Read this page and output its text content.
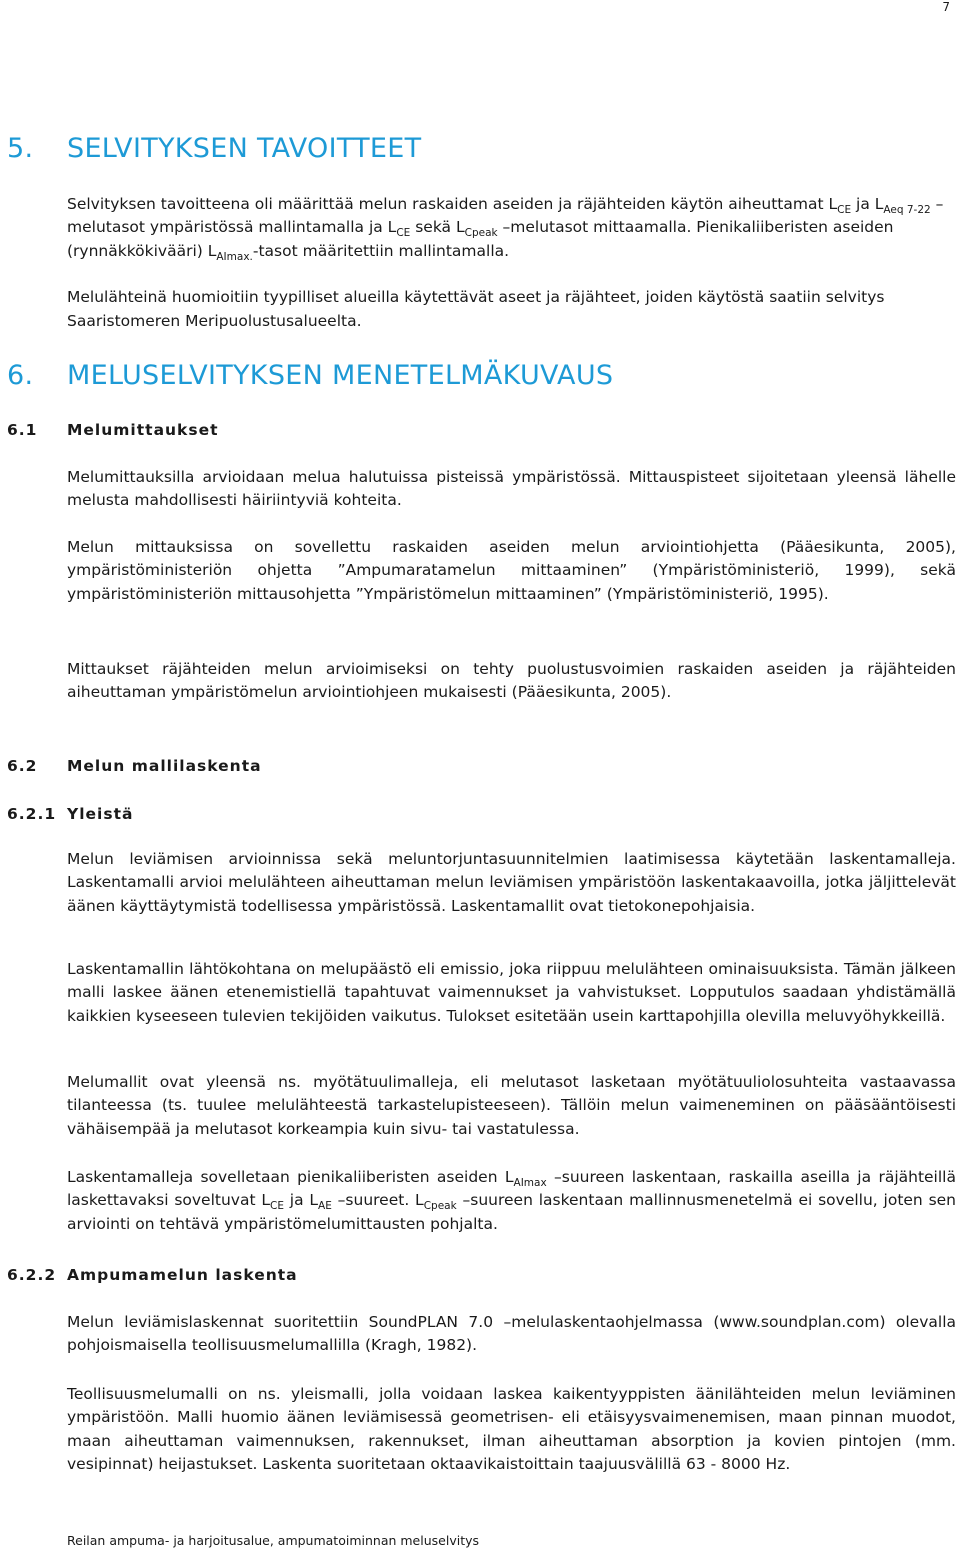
7
5. SELVITYKSEN TAVOITTEET

Selvityksen tavoitteena oli määrittää melun raskaiden aseiden ja räjähteiden käytön aiheuttamat $L_{CE}$ ja $L_{Aeq 7-22}$ –melutasot ympäristössä mallintamalla ja $L_{CE}$ sekä $L_{Cpeak}$ –melutasot mittaamalla. Pienikaliiberisten aseiden (rynnäkkökivääri) $L_{AImax.}$-tasot määritettiin mallintamalla.

Melulähteinä huomioitiin tyypilliset alueilla käytettävät aseet ja räjähteet, joiden käytöstä saatiin selvitys Saaristomeren Meripuolustusalueelta.

6. MELUSELVITYKSEN MENETELMÄKUVAUS
6.1 Melumittaukset
Melumittauksilla arvioidaan melua halutuissa pisteissä ympäristössä. Mittauspisteet sijoitetaan yleensä lähelle melusta mahdollisesti häiriintyviä kohteita.
Melun mittauksissa on sovellettu raskaiden aseiden melun arviointiohjetta (Pääesikunta, 2005), ympäristöministeriön ohjetta ”Ampumaratamelun mittaaminen” (Ympäristöministeriö, 1999), sekä ympäristöministeriön mittausohjetta ”Ympäristömelun mittaaminen” (Ympäristöministeriö, 1995).
Mittaukset räjähteiden melun arvioimiseksi on tehty puolustusvoimien raskaiden aseiden ja räjähteiden aiheuttaman ympäristömelun arviointiohjeen mukaisesti (Pääesikunta, 2005).
6.2 Melun mallilaskenta
6.2.1 Yleistä
Melun leviämisen arvioinnissa sekä meluntorjuntasuunnitelmien laatimisessa käytetään laskentamalleja. Laskentamalli arvioi melulähteen aiheuttaman melun leviämisen ympäristöön laskentakaavoilla, jotka jäljittelevät äänen käyttäytymistä todellisessa ympäristössä. Laskentamallit ovat tietokonepohjaisia.
Laskentamallin lähtökohtana on melupäästö eli emissio, joka riippuu melulähteen ominaisuuksista. Tämän jälkeen malli laskee äänen etenemistiellä tapahtuvat vaimennukset ja vahvistukset. Lopputulos saadaan yhdistämällä kaikkien kyseeseen tulevien tekijöiden vaikutus. Tulokset esitetään usein karttapohjilla olevilla meluvyöhykkeillä.
Melumallit ovat yleensä ns. myötätuulimalleja, eli melutasot lasketaan myötätuuliolosuhteita vastaavassa tilanteessa (ts. tuulee melulähteestä tarkastelupisteeseen). Tällöin melun vaimeneminen on pääsääntöisesti vähäisempää ja melutasot korkeampia kuin sivu- tai vastatulessa.
Laskentamalleja sovelletaan pienikaliiberisten aseiden $L_{AImax}$ –suureen laskentaan, raskailla aseilla ja räjähteillä laskettavaksi soveltuvat $L_{CE}$ ja $L_{AE}$ –suureet. $L_{Cpeak}$ –suureen laskentaan mallinnusmenetelmä ei sovellu, joten sen arviointi on tehtävä ympäristömelumittausten pohjalta.
6.2.2 Ampumamelun laskenta
Melun leviämislaskennat suoritettiin SoundPLAN 7.0 –melulaskentaohjelmassa (www.soundplan.com) olevalla pohjoismaisella teollisuusmelumallilla (Kragh, 1982).
Teollisuusmelumalli on ns. yleismalli, jolla voidaan laskea kaikentyyppisten äänilähteiden melun leviäminen ympäristöön. Malli huomio äänen leviämisessä geometrisen- eli etäisyysvaimenemisen, maan pinnan muodot, maan aiheuttaman vaimennuksen, rakennukset, ilman aiheuttaman absorption ja kovien pintojen (mm. vesipinnat) heijastukset. Laskenta suoritetaan oktaavikaistoittain taajuusvälillä 63 - 8000 Hz.
Reilan ampuma- ja harjoitusalue, ampumatoiminnan meluselvitys
